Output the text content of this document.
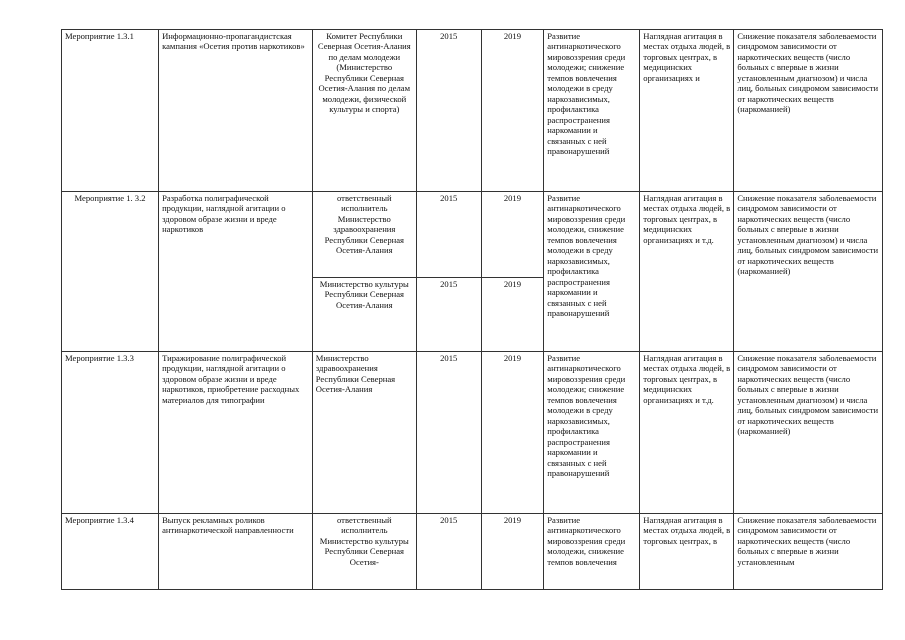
Мероприятие 1.3.1	Информационно-пропагандистская кампания «Осетия против наркотиков»	Комитет Республики Северная Осетия-Алания по делам молодежи (Министерство Республики Северная Осетия-Алания по делам молодежи, физической культуры и спорта)	2015	2019	Развитие антинаркотического мировоззрения среди молодежи; снижение темпов вовлечения молодежи в среду наркозависимых, профилактика распространения наркомании и связанных с ней правонарушений	Наглядная агитация в местах отдыха людей, в торговых центрах, в медицинских организациях и	Снижение показателя заболеваемости синдромом зависимости от наркотических веществ (число больных с впервые в жизни установленным диагнозом) и числа лиц, больных синдромом зависимости от наркотических веществ (наркоманией)
Мероприятие 1. 3.2	Разработка полиграфической продукции, наглядной агитации о здоровом образе жизни и вреде наркотиков	ответственный исполнитель Министерство здравоохранения Республики Северная Осетия-Алания	2015	2019	Развитие антинаркотического мировоззрения среди молодежи, снижение темпов вовлечения молодежи в среду наркозависимых, профилактика распространения наркомании и связанных с ней правонарушений	Наглядная агитация в местах отдыха людей, в торговых центрах, в медицинских организациях и т.д.	Снижение показателя заболеваемости синдромом зависимости от наркотических веществ (число больных с впервые в жизни установленным диагнозом) и числа лиц, больных синдромом зависимости от наркотических веществ (наркоманией)
		Министерство культуры Республики Северная Осетия-Алания	2015	2019			
Мероприятие 1.3.3	Тиражирование полиграфической продукции, наглядной агитации о здоровом образе жизни и вреде наркотиков, приобретение расходных материалов для типографии	Министерство здравоохранения Республики Северная Осетия-Алания	2015	2019	Развитие антинаркотического мировоззрения среди молодежи; снижение темпов вовлечения молодежи в среду наркозависимых, профилактика распространения наркомании и связанных с ней правонарушений	Наглядная агитация в местах отдыха людей, в торговых центрах, в медицинских организациях и т.д.	Снижение показателя заболеваемости синдромом зависимости от наркотических веществ (число больных с впервые в жизни установленным диагнозом) и числа лиц, больных синдромом зависимости от наркотических веществ (наркоманией)
Мероприятие 1.3.4	Выпуск рекламных роликов антинаркотической направленности	ответственный исполнитель Министерство культуры Республики Северная Осетия-	2015	2019	Развитие антинаркотического мировоззрения среди молодежи, снижение темпов вовлечения	Наглядная агитация в местах отдыха людей, в торговых центрах, в	Снижение показателя заболеваемости синдромом зависимости от наркотических веществ (число больных с впервые в жизни установленным
